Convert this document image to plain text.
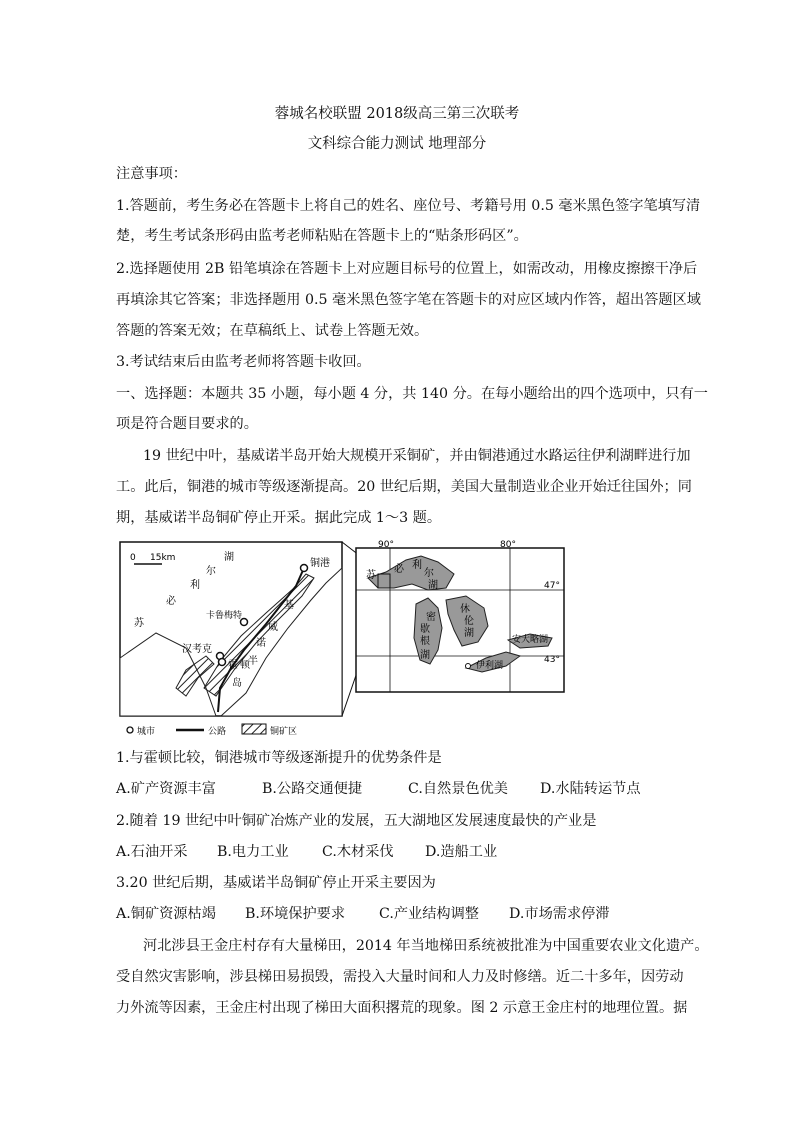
蓉城名校联盟 2018级高三第三次联考
文科综合能力测试 地理部分
注意事项：
1.答题前，考生务必在答题卡上将自己的姓名、座位号、考籍号用 0.5 毫米黑色签字笔填写清
楚，考生考试条形码由监考老师粘贴在答题卡上的“贴条形码区”。
2.选择题使用 2B 铅笔填涂在答题卡上对应题目标号的位置上，如需改动，用橡皮擦擦干净后
再填涂其它答案；非选择题用 0.5 毫米黑色签字笔在答题卡的对应区域内作答，超出答题区域
答题的答案无效；在草稿纸上、试卷上答题无效。
3.考试结束后由监考老师将答题卡收回。
一、选择题：本题共 35 小题，每小题 4 分，共 140 分。在每小题给出的四个选项中，只有一
项是符合题目要求的。
19 世纪中叶，基威诺半岛开始大规模开采铜矿，并由铜港通过水路运往伊利湖畔进行加
工。此后，铜港的城市等级逐渐提高。20 世纪后期，美国大量制造业企业开始迁往国外；同
期，基威诺半岛铜矿停止开采。据此完成 1～3 题。
0 15km
苏
必
利
尔
湖
铜港
卡鲁梅特
汉考克
霍 顿
岛
基
威
诺
半
90°	80°
47°
43°
苏
必 利
尔
湖
密
歇
根
湖
休
伦
湖
安大略湖
伊利湖
城市	公路	铜矿区
1.与霍顿比较，铜港城市等级逐渐提升的优势条件是
A.矿产资源丰富	B.公路交通便捷	C.自然景色优美	D.水陆转运节点
2.随着 19 世纪中叶铜矿冶炼产业的发展，五大湖地区发展速度最快的产业是
A.石油开采	B.电力工业	C.木材采伐	D.造船工业
3.20 世纪后期，基威诺半岛铜矿停止开采主要因为
A.铜矿资源枯竭	B.环境保护要求	C.产业结构调整	D.市场需求停滞
河北涉县王金庄村存有大量梯田，2014 年当地梯田系统被批准为中国重要农业文化遗产。
受自然灾害影响，涉县梯田易损毁，需投入大量时间和人力及时修缮。近二十多年，因劳动
力外流等因素，王金庄村出现了梯田大面积撂荒的现象。图 2 示意王金庄村的地理位置。据
